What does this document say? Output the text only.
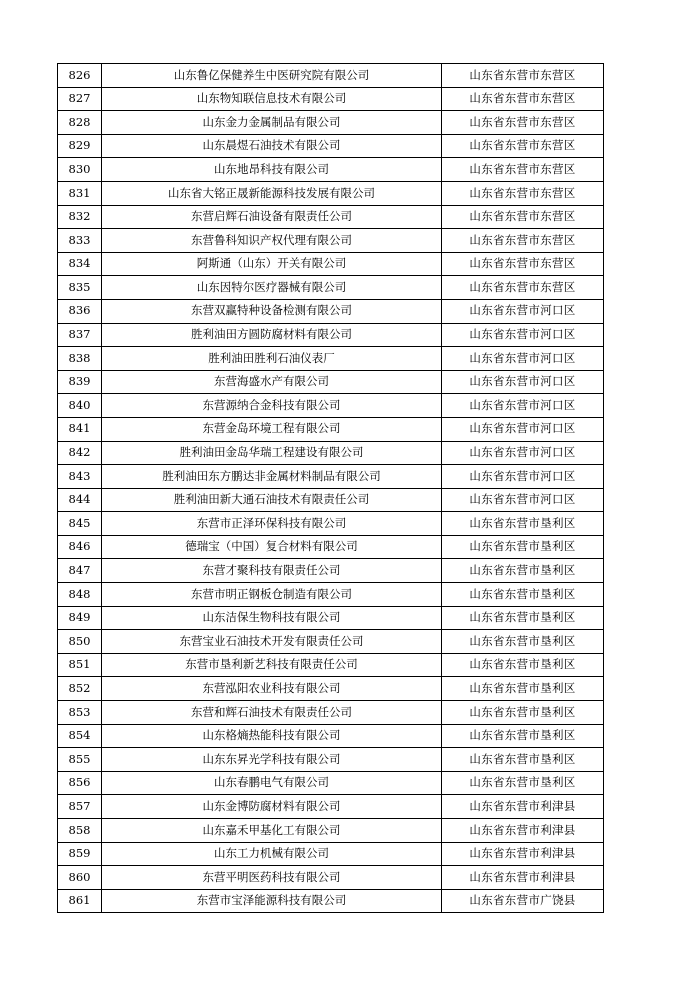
826	山东鲁亿保健养生中医研究院有限公司	山东省东营市东营区
827	山东物知联信息技术有限公司	山东省东营市东营区
828	山东金力金属制品有限公司	山东省东营市东营区
829	山东晨煜石油技术有限公司	山东省东营市东营区
830	山东地昂科技有限公司	山东省东营市东营区
831	山东省大铭正晟新能源科技发展有限公司	山东省东营市东营区
832	东营启辉石油设备有限责任公司	山东省东营市东营区
833	东营鲁科知识产权代理有限公司	山东省东营市东营区
834	阿斯通（山东）开关有限公司	山东省东营市东营区
835	山东因特尔医疗器械有限公司	山东省东营市东营区
836	东营双赢特种设备检测有限公司	山东省东营市河口区
837	胜利油田方圆防腐材料有限公司	山东省东营市河口区
838	胜利油田胜利石油仪表厂	山东省东营市河口区
839	东营海盛水产有限公司	山东省东营市河口区
840	东营源纳合金科技有限公司	山东省东营市河口区
841	东营金岛环境工程有限公司	山东省东营市河口区
842	胜利油田金岛华瑞工程建设有限公司	山东省东营市河口区
843	胜利油田东方鹏达非金属材料制品有限公司	山东省东营市河口区
844	胜利油田新大通石油技术有限责任公司	山东省东营市河口区
845	东营市正泽环保科技有限公司	山东省东营市垦利区
846	德瑞宝（中国）复合材料有限公司	山东省东营市垦利区
847	东营才聚科技有限责任公司	山东省东营市垦利区
848	东营市明正钢板仓制造有限公司	山东省东营市垦利区
849	山东洁保生物科技有限公司	山东省东营市垦利区
850	东营宝业石油技术开发有限责任公司	山东省东营市垦利区
851	东营市垦利新艺科技有限责任公司	山东省东营市垦利区
852	东营泓阳农业科技有限公司	山东省东营市垦利区
853	东营和辉石油技术有限责任公司	山东省东营市垦利区
854	山东格熵热能科技有限公司	山东省东营市垦利区
855	山东东昇光学科技有限公司	山东省东营市垦利区
856	山东春鹏电气有限公司	山东省东营市垦利区
857	山东金博防腐材料有限公司	山东省东营市利津县
858	山东嘉禾甲基化工有限公司	山东省东营市利津县
859	山东工力机械有限公司	山东省东营市利津县
860	东营平明医药科技有限公司	山东省东营市利津县
861	东营市宝泽能源科技有限公司	山东省东营市广饶县
